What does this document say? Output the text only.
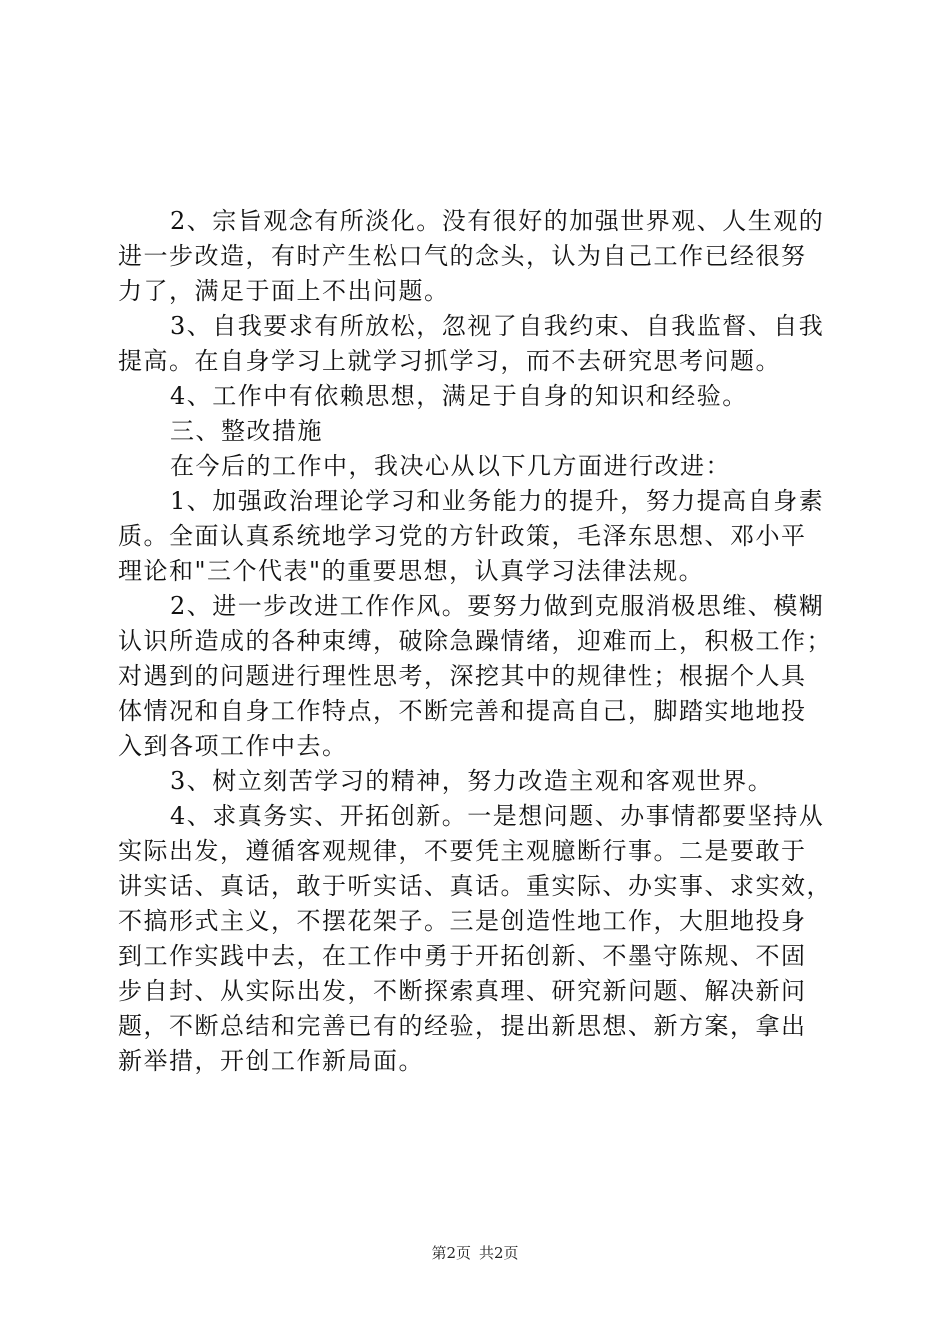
2、宗旨观念有所淡化。没有很好的加强世界观、人生观的
进一步改造，有时产生松口气的念头，认为自己工作已经很努
力了，满足于面上不出问题。
3、自我要求有所放松，忽视了自我约束、自我监督、自我
提高。在自身学习上就学习抓学习，而不去研究思考问题。
4、工作中有依赖思想，满足于自身的知识和经验。
三、整改措施
在今后的工作中，我决心从以下几方面进行改进：
1、加强政治理论学习和业务能力的提升，努力提高自身素
质。全面认真系统地学习党的方针政策，毛泽东思想、邓小平
理论和"三个代表"的重要思想，认真学习法律法规。
2、进一步改进工作作风。要努力做到克服消极思维、模糊
认识所造成的各种束缚，破除急躁情绪，迎难而上，积极工作；
对遇到的问题进行理性思考，深挖其中的规律性；根据个人具
体情况和自身工作特点，不断完善和提高自己，脚踏实地地投
入到各项工作中去。
3、树立刻苦学习的精神，努力改造主观和客观世界。
4、求真务实、开拓创新。一是想问题、办事情都要坚持从
实际出发，遵循客观规律，不要凭主观臆断行事。二是要敢于
讲实话、真话，敢于听实话、真话。重实际、办实事、求实效，
不搞形式主义，不摆花架子。三是创造性地工作，大胆地投身
到工作实践中去，在工作中勇于开拓创新、不墨守陈规、不固
步自封、从实际出发，不断探索真理、研究新问题、解决新问
题，不断总结和完善已有的经验，提出新思想、新方案，拿出
新举措，开创工作新局面。
第2页 共2页
